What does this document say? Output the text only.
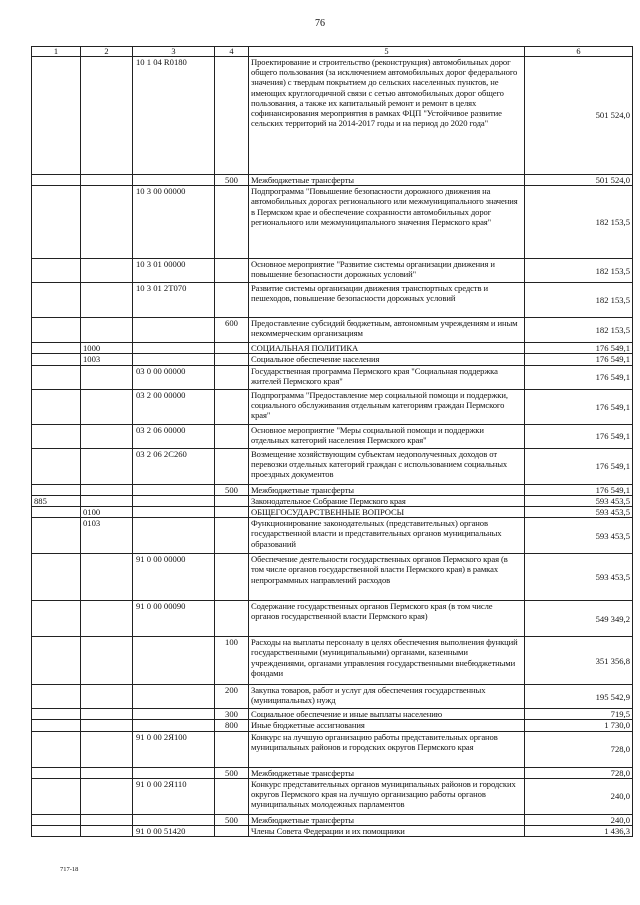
76
1	2	3	4	5	6
		10 1 04 R0180		Проектирование и строительство (реконструкция) автомобильных дорог общего пользования (за исключением автомобильных дорог федерального значения) с твердым покрытием до сельских населенных пунктов, не имеющих круглогодичной связи с сетью автомобильных дорог общего пользования, а также их капитальный ремонт и ремонт в целях софинансирования мероприятия в рамках ФЦП "Устойчивое развитие сельских территорий на 2014-2017 годы и на период до 2020 года"	501 524,0
			500	Межбюджетные трансферты	501 524,0
		10 3 00 00000		Подпрограмма "Повышение безопасности дорожного движения на автомобильных дорогах регионального или межмуниципального значения в Пермском крае и обеспечение сохранности автомобильных дорог регионального или межмуниципального значения Пермского края"	182 153,5
		10 3 01 00000		Основное мероприятие "Развитие системы организации движения и повышение безопасности дорожных условий"	182 153,5
		10 3 01 2Т070		Развитие системы организации движения транспортных средств и пешеходов, повышение безопасности дорожных условий	182 153,5
			600	Предоставление субсидий бюджетным, автономным учреждениям и иным некоммерческим организациям	182 153,5
	1000			СОЦИАЛЬНАЯ ПОЛИТИКА	176 549,1
	1003			Социальное обеспечение населения	176 549,1
		03 0 00 00000		Государственная программа Пермского края "Социальная поддержка жителей Пермского края"	176 549,1
		03 2 00 00000		Подпрограмма "Предоставление мер социальной помощи и поддержки, социального обслуживания отдельным категориям граждан Пермского края"	176 549,1
		03 2 06 00000		Основное мероприятие "Меры социальной помощи и поддержки отдельных категорий населения Пермского края"	176 549,1
		03 2 06 2С260		Возмещение хозяйствующим субъектам недополученных доходов от перевозки отдельных категорий граждан с использованием социальных проездных документов	176 549,1
			500	Межбюджетные трансферты	176 549,1
885				Законодательное Собрание Пермского края	593 453,5
	0100			ОБЩЕГОСУДАРСТВЕННЫЕ ВОПРОСЫ	593 453,5
	0103			Функционирование законодательных (представительных) органов государственной власти и представительных органов муниципальных образований	593 453,5
		91 0 00 00000		Обеспечение деятельности государственных органов Пермского края (в том числе органов государственной власти Пермского края) в рамках непрограммных направлений расходов	593 453,5
		91 0 00 00090		Содержание государственных органов Пермского края (в том числе органов государственной власти Пермского края)	549 349,2
			100	Расходы на выплаты персоналу в целях обеспечения выполнения функций государственными (муниципальными) органами, казенными учреждениями, органами управления государственными внебюджетными фондами	351 356,8
			200	Закупка товаров, работ и услуг для обеспечения государственных (муниципальных) нужд	195 542,9
			300	Социальное обеспечение и иные выплаты населению	719,5
			800	Иные бюджетные ассигнования	1 730,0
		91 0 00 2Я100		Конкурс на лучшую организацию работы представительных органов муниципальных районов и городских округов Пермского края	728,0
			500	Межбюджетные трансферты	728,0
		91 0 00 2Я110		Конкурс представительных органов муниципальных районов и городских округов Пермского края на лучшую организацию работы органов муниципальных молодежных парламентов	240,0
			500	Межбюджетные трансферты	240,0
		91 0 00 51420		Члены Совета Федерации и их помощники	1 436,3
717-18
